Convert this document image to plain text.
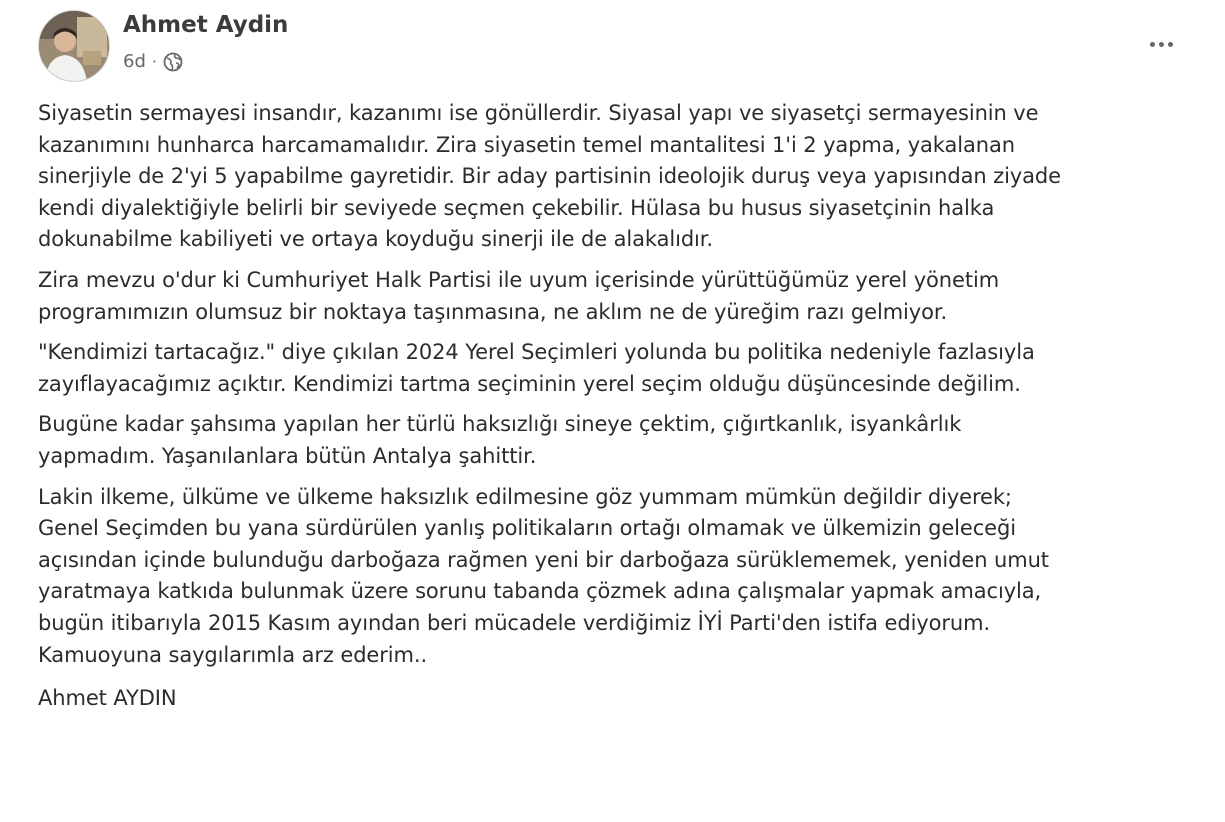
Ahmet Aydin
6d ·
Siyasetin sermayesi insandır, kazanımı ise gönüllerdir. Siyasal yapı ve siyasetçi sermayesinin ve
kazanımını hunharca harcamamalıdır. Zira siyasetin temel mantalitesi 1'i 2 yapma, yakalanan
sinerjiyle de 2'yi 5 yapabilme gayretidir. Bir aday partisinin ideolojik duruş veya yapısından ziyade
kendi diyalektiğiyle belirli bir seviyede seçmen çekebilir. Hülasa bu husus siyasetçinin halka
dokunabilme kabiliyeti ve ortaya koyduğu sinerji ile de alakalıdır.
Zira mevzu o'dur ki Cumhuriyet Halk Partisi ile uyum içerisinde yürüttüğümüz yerel yönetim
programımızın olumsuz bir noktaya taşınmasına, ne aklım ne de yüreğim razı gelmiyor.
"Kendimizi tartacağız." diye çıkılan 2024 Yerel Seçimleri yolunda bu politika nedeniyle fazlasıyla
zayıflayacağımız açıktır. Kendimizi tartma seçiminin yerel seçim olduğu düşüncesinde değilim.
Bugüne kadar şahsıma yapılan her türlü haksızlığı sineye çektim, çığırtkanlık, isyankârlık
yapmadım. Yaşanılanlara bütün Antalya şahittir.
Lakin ilkeme, ülküme ve ülkeme haksızlık edilmesine göz yummam mümkün değildir diyerek;
Genel Seçimden bu yana sürdürülen yanlış politikaların ortağı olmamak ve ülkemizin geleceği
açısından içinde bulunduğu darboğaza rağmen yeni bir darboğaza sürüklememek, yeniden umut
yaratmaya katkıda bulunmak üzere sorunu tabanda çözmek adına çalışmalar yapmak amacıyla,
bugün itibarıyla 2015 Kasım ayından beri mücadele verdiğimiz İYİ Parti'den istifa ediyorum.
Kamuoyuna saygılarımla arz ederim..
Ahmet AYDIN
